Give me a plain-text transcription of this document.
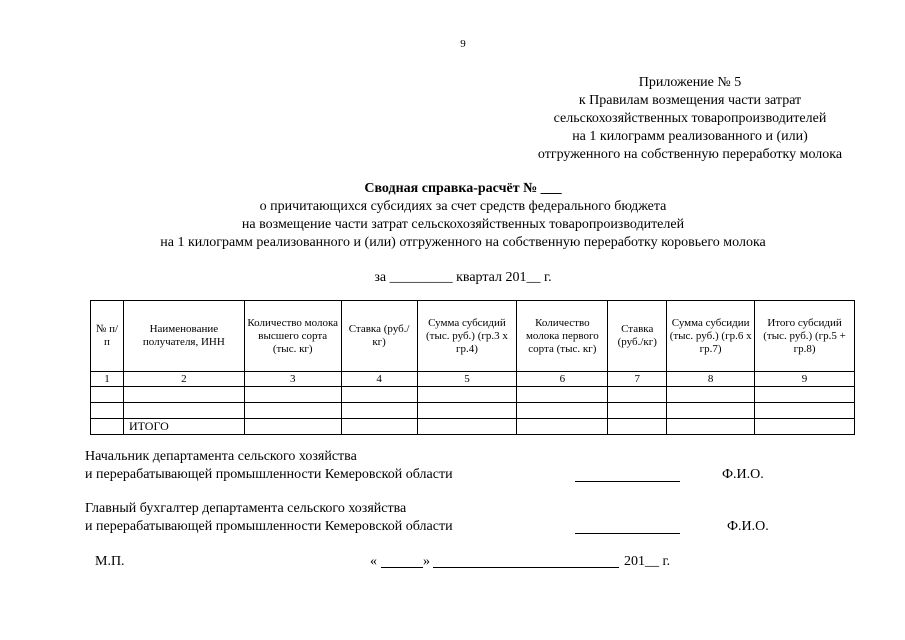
9
Приложение № 5
к Правилам возмещения части затрат
сельскохозяйственных товаропроизводителей
на 1 килограмм реализованного и (или)
отгруженного на собственную переработку молока
Сводная справка-расчёт № ___
о причитающихся субсидиях за счет средств федерального бюджета
на возмещение части затрат сельскохозяйственных товаропроизводителей
на 1 килограмм реализованного и (или) отгруженного на собственную переработку коровьего молока
за _________ квартал 201__ г.
№ п/п	Наименование получателя, ИНН	Количество молока высшего сорта (тыс. кг)	Ставка (руб./кг)	Сумма субсидий (тыс. руб.) (гр.3 х гр.4)	Количество молока первого сорта (тыс. кг)	Ставка (руб./кг)	Сумма субсидии (тыс. руб.) (гр.6 х гр.7)	Итого субсидий (тыс. руб.) (гр.5 + гр.8)
1	2	3	4	5	6	7	8	9

	ИТОГО							
Начальник департамента сельского хозяйства
и перерабатывающей промышленности Кемеровской области	Ф.И.О.
Главный бухгалтер департамента сельского хозяйства
и перерабатывающей промышленности Кемеровской области	Ф.И.О.
М.П.	«	»	201__ г.
